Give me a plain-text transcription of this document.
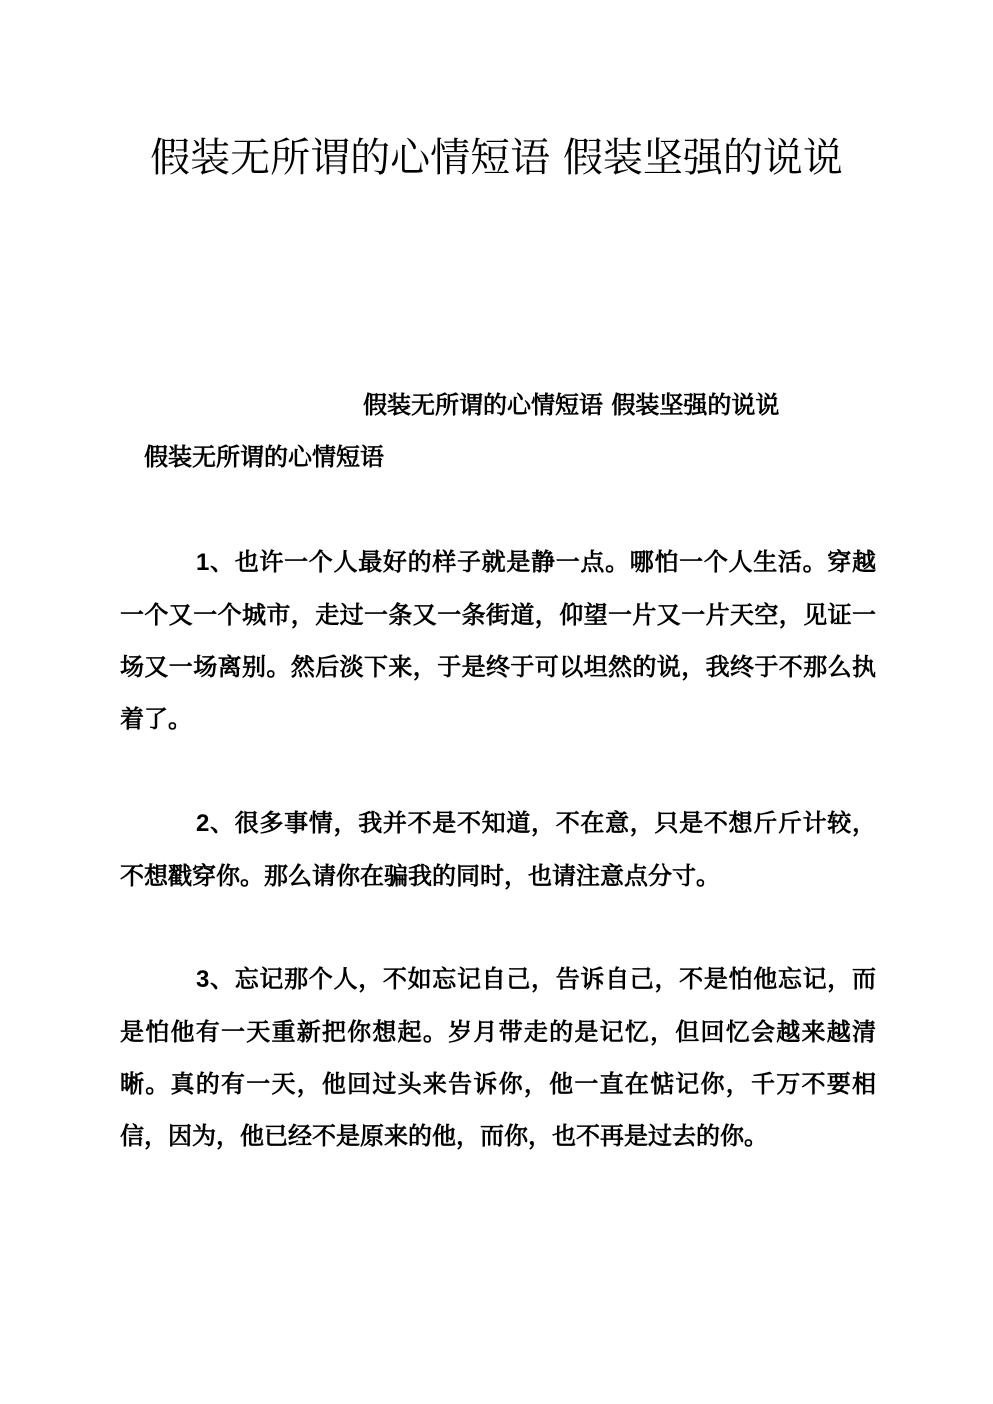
假装无所谓的心情短语 假装坚强的说说
假装无所谓的心情短语 假装坚强的说说
假装无所谓的心情短语

1、也许一个人最好的样子就是静一点。哪怕一个人生活。穿越一个又一个城市，走过一条又一条街道，仰望一片又一片天空，见证一场又一场离别。然后淡下来，于是终于可以坦然的说，我终于不那么执着了。

2、很多事情，我并不是不知道，不在意，只是不想斤斤计较，不想戳穿你。那么请你在骗我的同时，也请注意点分寸。

3、忘记那个人，不如忘记自己，告诉自己，不是怕他忘记，而是怕他有一天重新把你想起。岁月带走的是记忆，但回忆会越来越清晰。真的有一天，他回过头来告诉你，他一直在惦记你，千万不要相信，因为，他已经不是原来的他，而你，也不再是过去的你。
